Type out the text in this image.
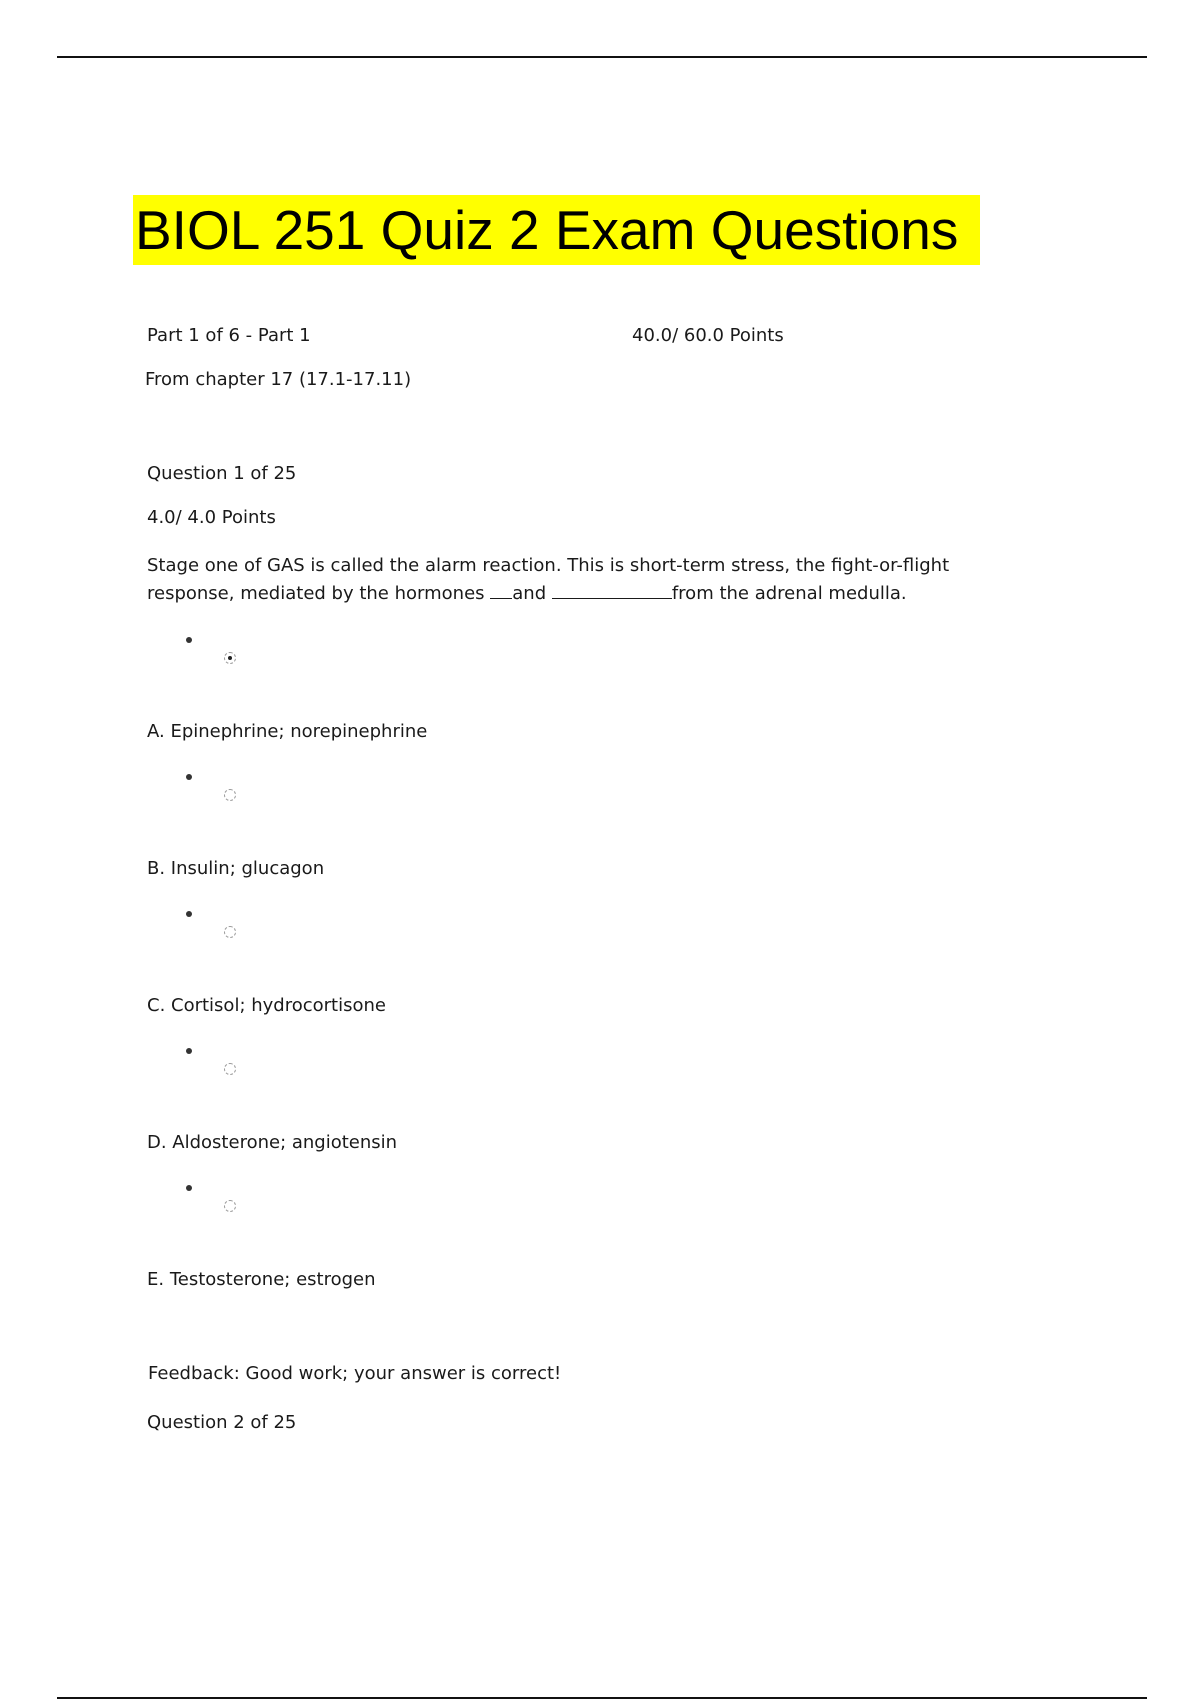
BIOL 251 Quiz 2 Exam Questions
Part 1 of 6 - Part 1	40.0/ 60.0 Points
From chapter 17 (17.1-17.11)
Question 1 of 25
4.0/ 4.0 Points
Stage one of GAS is called the alarm reaction. This is short-term stress, the fight-or-flight response, mediated by the hormones and	from the adrenal medulla.
A. Epinephrine; norepinephrine
B. Insulin; glucagon
C. Cortisol; hydrocortisone
D. Aldosterone; angiotensin
E. Testosterone; estrogen
Feedback: Good work; your answer is correct!
Question 2 of 25
